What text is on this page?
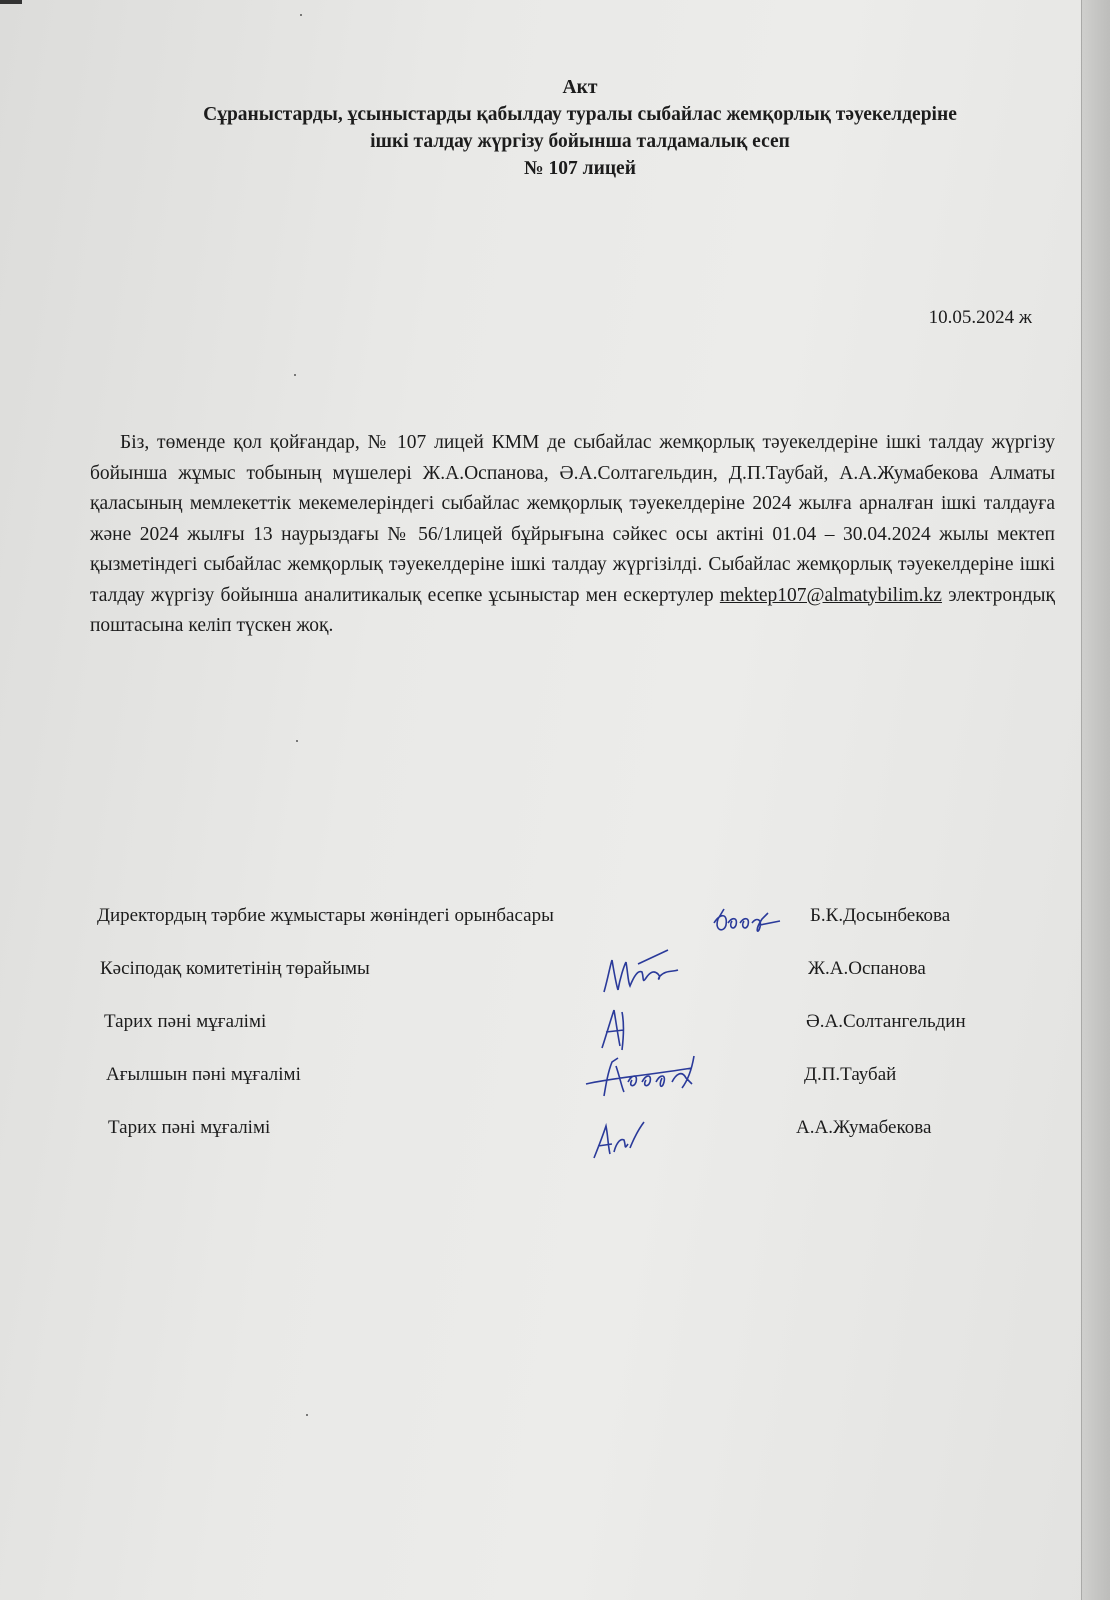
Акт
Сұраныстарды, ұсыныстарды қабылдау туралы сыбайлас жемқорлық тәуекелдеріне
ішкі талдау жүргізу бойынша талдамалық есеп
№ 107 лицей
10.05.2024 ж
Біз, төменде қол қойғандар, № 107 лицей КММ де сыбайлас жемқорлық тәуекелдеріне ішкі талдау жүргізу бойынша жұмыс тобының мүшелері Ж.А.Оспанова, Ә.А.Солтагельдин, Д.П.Таубай, А.А.Жумабекова Алматы қаласының мемлекеттік мекемелеріндегі сыбайлас жемқорлық тәуекелдеріне 2024 жылға арналған ішкі талдауға және 2024 жылғы 13 наурыздағы № 56/1лицей бұйрығына сәйкес осы актіні 01.04 – 30.04.2024 жылы мектеп қызметіндегі сыбайлас жемқорлық тәуекелдеріне ішкі талдау жүргізілді. Сыбайлас жемқорлық тәуекелдеріне ішкі талдау жүргізу бойынша аналитикалық есепке ұсыныстар мен ескертулер mektep107@almatybilim.kz электрондық поштасына келіп түскен жоқ.
Директордың тәрбие жұмыстары жөніндегі орынбасары	Б.К.Досынбекова
Кәсіподақ комитетінің төрайымы	Ж.А.Оспанова
Тарих пәні мұғалімі	Ә.А.Солтангельдин
Ағылшын пәні мұғалімі	Д.П.Таубай
Тарих пәні мұғалімі	А.А.Жумабекова
